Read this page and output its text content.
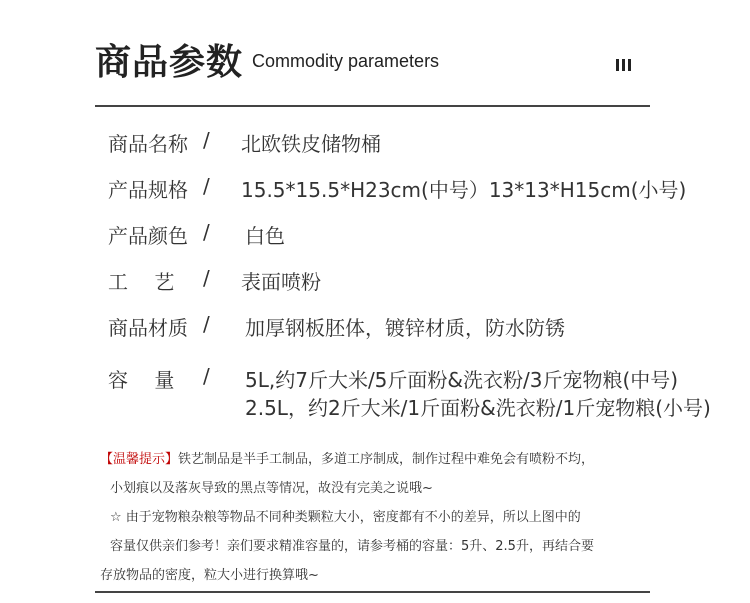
商品参数 Commodity parameters
商品名称 / 北欧铁皮储物桶
产品规格 / 15.5*15.5*H23cm(中号）13*13*H15cm(小号)
产品颜色 / 白色
工　 艺	/ 表面喷粉
商品材质 / 加厚钢板胚体，镀锌材质，防水防锈
容　 量	/ 5L,约7斤大米/5斤面粉&洗衣粉/3斤宠物粮(中号)
2.5L，约2斤大米/1斤面粉&洗衣粉/1斤宠物粮(小号)
【温馨提示】铁艺制品是半手工制品，多道工序制成，制作过程中难免会有喷粉不均，
小划痕以及落灰导致的黑点等情况，故没有完美之说哦~
☆ 由于宠物粮杂粮等物品不同种类颗粒大小，密度都有不小的差异，所以上图中的
容量仅供亲们参考！亲们要求精准容量的，请参考桶的容量：5升、2.5升，再结合要
存放物品的密度，粒大小进行换算哦~
